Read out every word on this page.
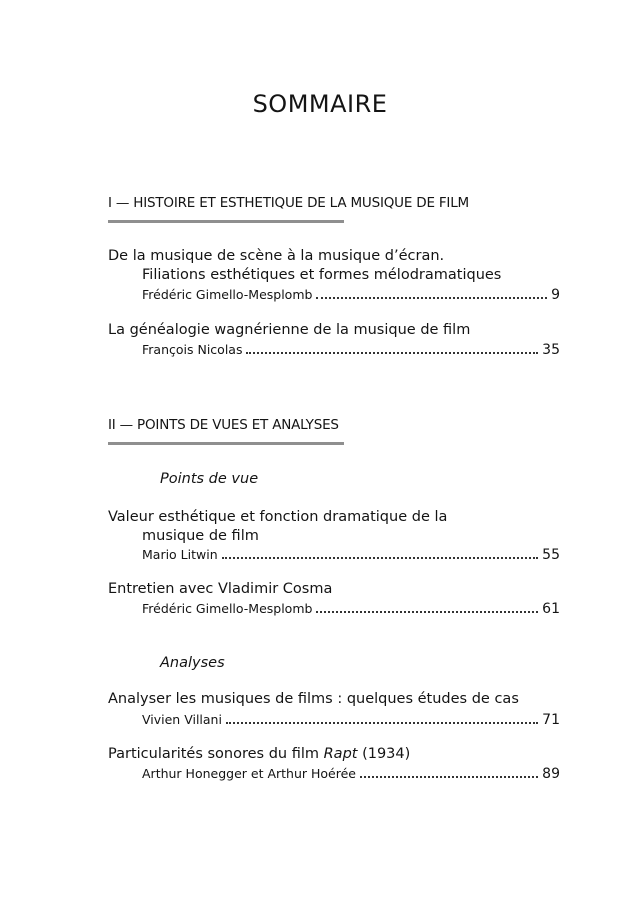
SOMMAIRE
I — HISTOIRE ET ESTHETIQUE DE LA MUSIQUE DE FILM
De la musique de scène à la musique d’écran.
Filiations esthétiques et formes mélodramatiques
Frédéric Gimello-Mesplomb	9
La généalogie wagnérienne de la musique de film
François Nicolas	35
II — POINTS DE VUES ET ANALYSES
Points de vue
Valeur esthétique et fonction dramatique de la
musique de film
Mario Litwin	55
Entretien avec Vladimir Cosma
Frédéric Gimello-Mesplomb	61
Analyses
Analyser les musiques de films : quelques études de cas
Vivien Villani	71
Particularités sonores du film Rapt (1934)
Arthur Honegger et Arthur Hoérée	89
